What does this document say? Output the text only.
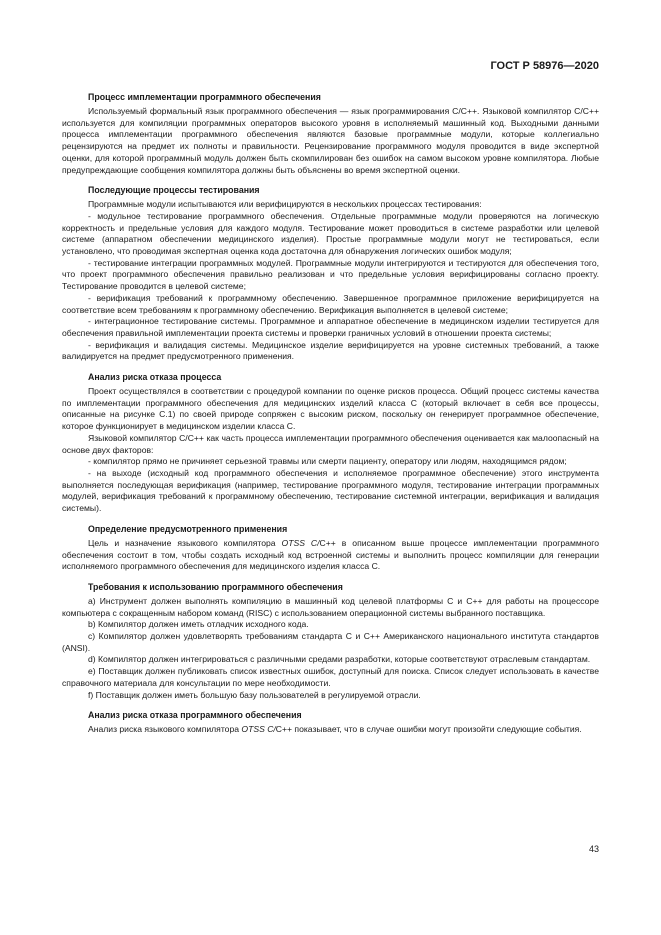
ГОСТ Р 58976—2020
Процесс имплементации программного обеспечения

Используемый формальный язык программного обеспечения — язык программирования C/C++. Языковой компилятор C/C++ используется для компиляции программных операторов высокого уровня в исполняемый машинный код. Выходными данными процесса имплементации программного обеспечения являются базовые программные модули, которые коллегиально рецензируются на предмет их полноты и правильности. Рецензирование программного модуля проводится в виде экспертной оценки, для которой программный модуль должен быть скомпилирован без ошибок на самом высоком уровне компилятора. Любые предупреждающие сообщения компилятора должны быть объяснены во время экспертной оценки.

Последующие процессы тестирования

Программные модули испытываются или верифицируются в нескольких процессах тестирования:

- модульное тестирование программного обеспечения. Отдельные программные модули проверяются на логическую корректность и предельные условия для каждого модуля. Тестирование может проводиться в системе разработки или целевой системе (аппаратном обеспечении медицинского изделия). Простые программные модули могут не тестироваться, если установлено, что проводимая экспертная оценка кода достаточна для обнаружения логических ошибок модуля;

- тестирование интеграции программных модулей. Программные модули интегрируются и тестируются для обеспечения того, что проект программного обеспечения правильно реализован и что предельные условия верифицированы согласно проекту. Тестирование проводится в целевой системе;

- верификация требований к программному обеспечению. Завершенное программное приложение верифицируется на соответствие всем требованиям к программному обеспечению. Верификация выполняется в целевой системе;

- интеграционное тестирование системы. Программное и аппаратное обеспечение в медицинском изделии тестируется для обеспечения правильной имплементации проекта системы и проверки граничных условий в отношении проекта системы;

- верификация и валидация системы. Медицинское изделие верифицируется на уровне системных требований, а также валидируется на предмет предусмотренного применения.

Анализ риска отказа процесса

Проект осуществлялся в соответствии с процедурой компании по оценке рисков процесса. Общий процесс системы качества по имплементации программного обеспечения для медицинских изделий класса C (который включает в себя все процессы, описанные на рисунке C.1) по своей природе сопряжен с высоким риском, поскольку он генерирует программное обеспечение, которое функционирует в медицинском изделии класса C.

Языковой компилятор C/C++ как часть процесса имплементации программного обеспечения оценивается как малоопасный на основе двух факторов:

- компилятор прямо не причиняет серьезной травмы или смерти пациенту, оператору или людям, находящимся рядом;

- на выходе (исходный код программного обеспечения и исполняемое программное обеспечение) этого инструмента выполняется последующая верификация (например, тестирование программного модуля, тестирование интеграции программных модулей, верификация требований к программному обеспечению, тестирование системной интеграции, верификация и валидация системы).

Определение предусмотренного применения

Цель и назначение языкового компилятора OTSS C/C++ в описанном выше процессе имплементации программного обеспечения состоит в том, чтобы создать исходный код встроенной системы и выполнить процесс компиляции для генерации исполняемого программного обеспечения для медицинского изделия класса C.

Требования к использованию программного обеспечения

a) Инструмент должен выполнять компиляцию в машинный код целевой платформы C и C++ для работы на процессоре компьютера с сокращенным набором команд (RISC) с использованием операционной системы выбранного поставщика.

b) Компилятор должен иметь отладчик исходного кода.

c) Компилятор должен удовлетворять требованиям стандарта C и C++ Американского национального института стандартов (ANSI).

d) Компилятор должен интегрироваться с различными средами разработки, которые соответствуют отраслевым стандартам.

e) Поставщик должен публиковать список известных ошибок, доступный для поиска. Список следует использовать в качестве справочного материала для консультации по мере необходимости.

f) Поставщик должен иметь большую базу пользователей в регулируемой отрасли.

Анализ риска отказа программного обеспечения

Анализ риска языкового компилятора OTSS C/C++ показывает, что в случае ошибки могут произойти следующие события.

43
